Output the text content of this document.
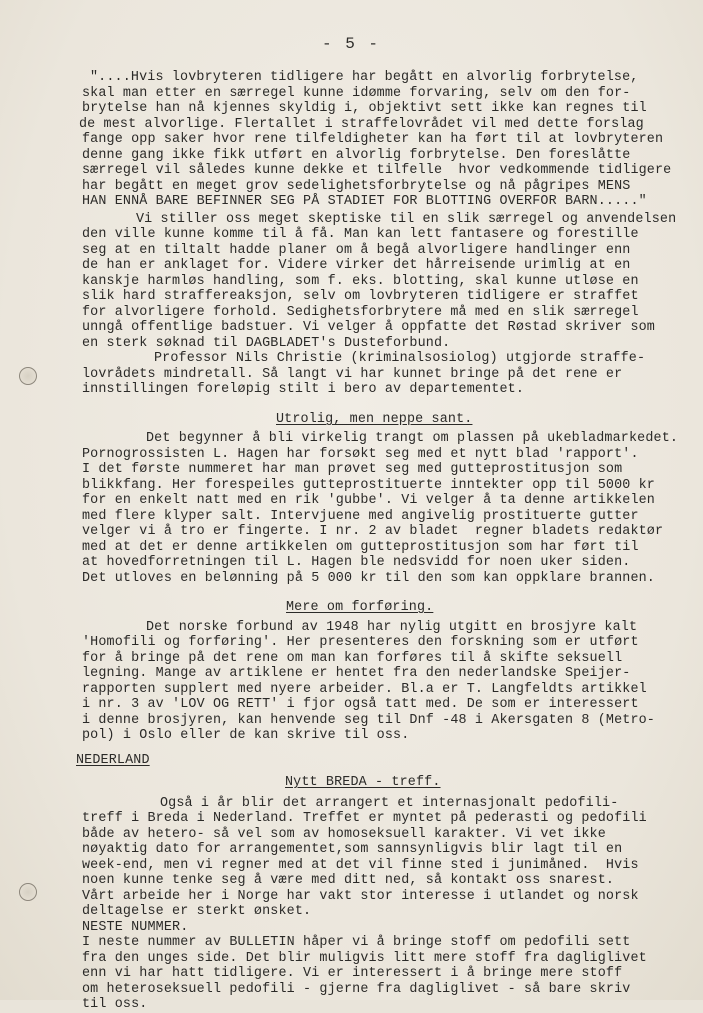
- 5 -
"....Hvis lovbryteren tidligere har begått en alvorlig forbrytelse,
skal man etter en særregel kunne idømme forvaring, selv om den for-
brytelse han nå kjennes skyldig i, objektivt sett ikke kan regnes til
de mest alvorlige. Flertallet i straffelovrådet vil med dette forslag
fange opp saker hvor rene tilfeldigheter kan ha ført til at lovbryteren
denne gang ikke fikk utført en alvorlig forbrytelse. Den foreslåtte
særregel vil således kunne dekke et tilfelle  hvor vedkommende tidligere
har begått en meget grov sedelighetsforbrytelse og nå pågripes MENS
HAN ENNÅ BARE BEFINNER SEG PÅ STADIET FOR BLOTTING OVERFOR BARN....."
Vi stiller oss meget skeptiske til en slik særregel og anvendelsen
den ville kunne komme til å få. Man kan lett fantasere og forestille
seg at en tiltalt hadde planer om å begå alvorligere handlinger enn
de han er anklaget for. Videre virker det hårreisende urimlig at en
kanskje harmløs handling, som f. eks. blotting, skal kunne utløse en
slik hard straffereaksjon, selv om lovbryteren tidligere er straffet
for alvorligere forhold. Sedighetsforbrytere må med en slik særregel
unngå offentlige badstuer. Vi velger å oppfatte det Røstad skriver som
en sterk søknad til DAGBLADET's Dusteforbund.
Professor Nils Christie (kriminalsosiolog) utgjorde straffe-
lovrådets mindretall. Så langt vi har kunnet bringe på det rene er
innstillingen foreløpig stilt i bero av departementet.
Utrolig, men neppe sant.
Det begynner å bli virkelig trangt om plassen på ukebladmarkedet.
Pornogrossisten L. Hagen har forsøkt seg med et nytt blad 'rapport'.
I det første nummeret har man prøvet seg med gutteprostitusjon som
blikkfang. Her forespeiles gutteprostituerte inntekter opp til 5000 kr
for en enkelt natt med en rik 'gubbe'. Vi velger å ta denne artikkelen
med flere klyper salt. Intervjuene med angivelig prostituerte gutter
velger vi å tro er fingerte. I nr. 2 av bladet  regner bladets redaktør
med at det er denne artikkelen om gutteprostitusjon som har ført til
at hovedforretningen til L. Hagen ble nedsvidd for noen uker siden.
Det utloves en belønning på 5 000 kr til den som kan oppklare brannen.
Mere om forføring.
Det norske forbund av 1948 har nylig utgitt en brosjyre kalt
'Homofili og forføring'. Her presenteres den forskning som er utført
for å bringe på det rene om man kan forføres til å skifte seksuell
legning. Mange av artiklene er hentet fra den nederlandske Speijer-
rapporten supplert med nyere arbeider. Bl.a er T. Langfeldts artikkel
i nr. 3 av 'LOV OG RETT' i fjor også tatt med. De som er interessert
i denne brosjyren, kan henvende seg til Dnf -48 i Akersgaten 8 (Metro-
pol) i Oslo eller de kan skrive til oss.
NEDERLAND
Nytt BREDA - treff.
Også i år blir det arrangert et internasjonalt pedofili-
treff i Breda i Nederland. Treffet er myntet på pederasti og pedofili
både av hetero- så vel som av homoseksuell karakter. Vi vet ikke
nøyaktig dato for arrangementet,som sannsynligvis blir lagt til en
week-end, men vi regner med at det vil finne sted i junimåned.  Hvis
noen kunne tenke seg å være med ditt ned, så kontakt oss snarest.
Vårt arbeide her i Norge har vakt stor interesse i utlandet og norsk
deltagelse er sterkt ønsket.
NESTE NUMMER.
I neste nummer av BULLETIN håper vi å bringe stoff om pedofili sett
fra den unges side. Det blir muligvis litt mere stoff fra dagliglivet
enn vi har hatt tidligere. Vi er interessert i å bringe mere stoff
om heteroseksuell pedofili - gjerne fra dagliglivet - så bare skriv
til oss.
